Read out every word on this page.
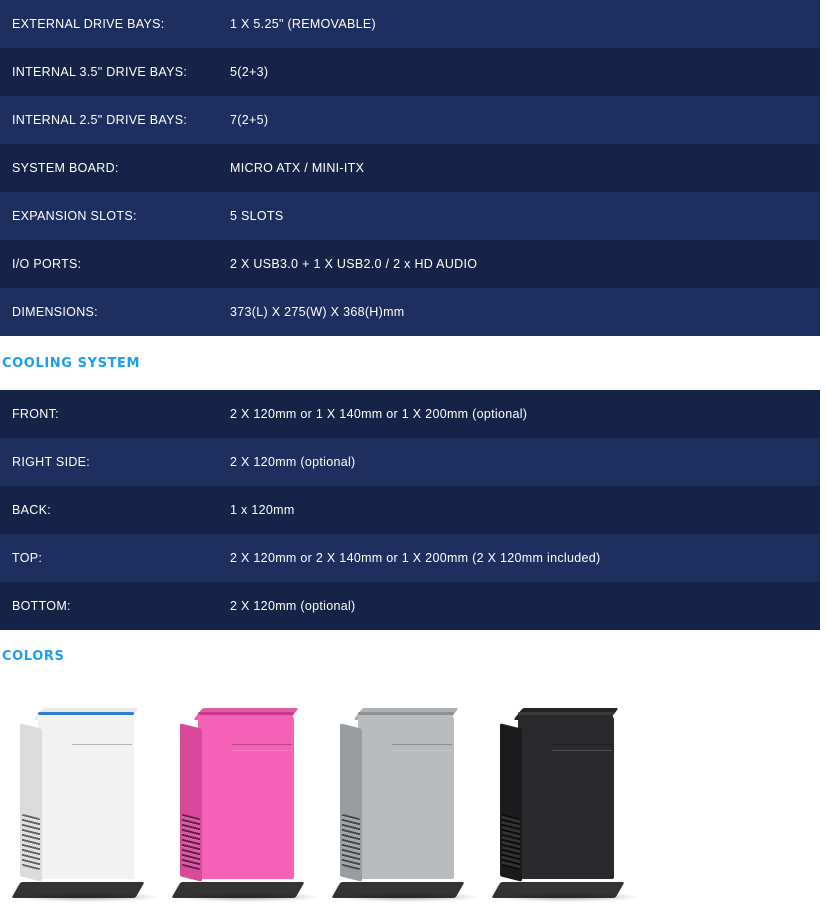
EXTERNAL DRIVE BAYS:	1 X 5.25" (REMOVABLE)
INTERNAL 3.5" DRIVE BAYS:	5(2+3)
INTERNAL 2.5" DRIVE BAYS:	7(2+5)
SYSTEM BOARD:	MICRO ATX / MINI-ITX
EXPANSION SLOTS:	5 SLOTS
I/O PORTS:	2 X USB3.0 + 1 X USB2.0 / 2 x HD AUDIO
DIMENSIONS:	373(L) X 275(W) X 368(H)mm
COOLING SYSTEM
FRONT:	2 X 120mm or 1 X 140mm or 1 X 200mm (optional)
RIGHT SIDE:	2 X 120mm (optional)
BACK:	1 x 120mm
TOP:	2 X 120mm or 2 X 140mm or 1 X 200mm (2 X 120mm included)
BOTTOM:	2 X 120mm (optional)
COLORS
